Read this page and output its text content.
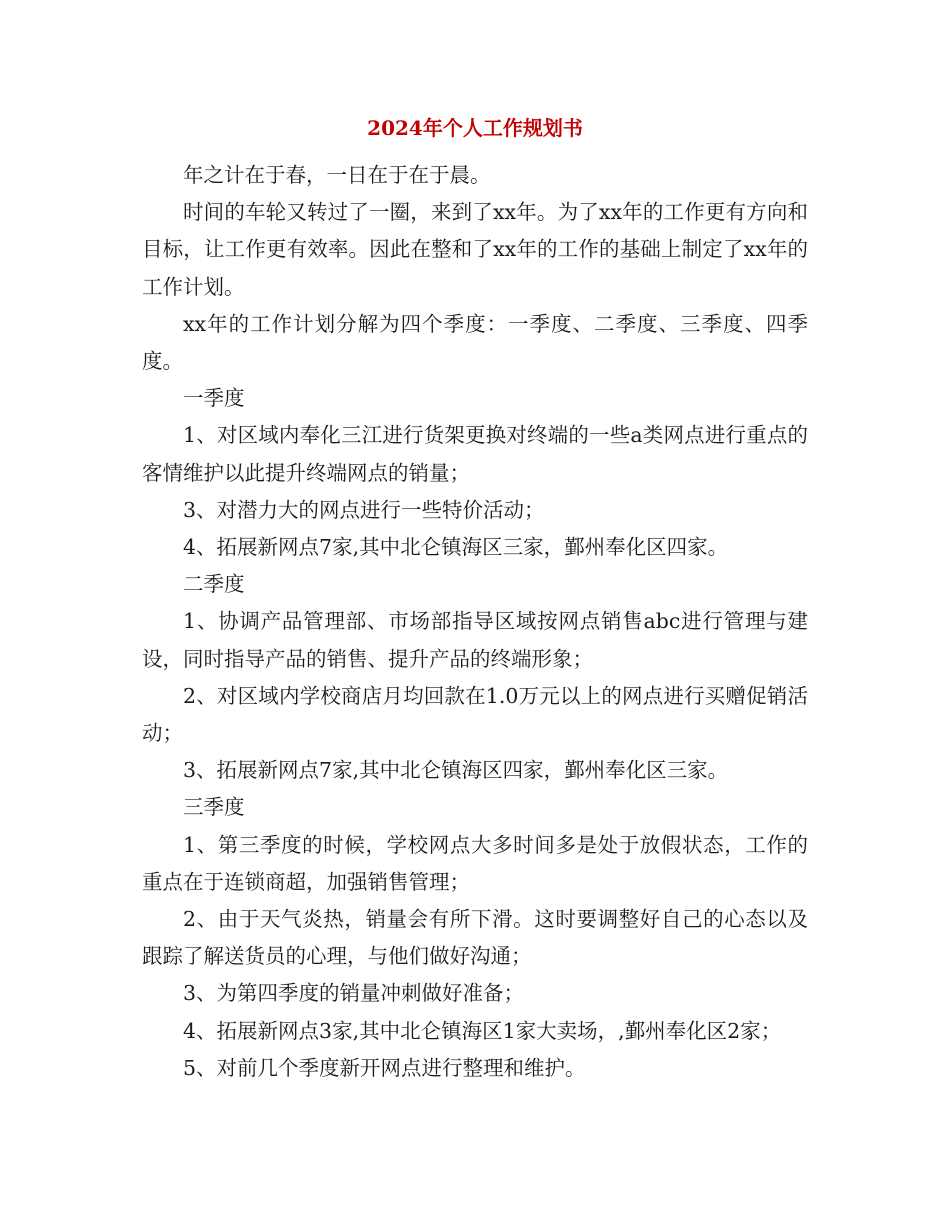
2024年个人工作规划书

年之计在于春，一日在于在于晨。

时间的车轮又转过了一圈，来到了xx年。为了xx年的工作更有方向和目标，让工作更有效率。因此在整和了xx年的工作的基础上制定了xx年的工作计划。

xx年的工作计划分解为四个季度：一季度、二季度、三季度、四季度。

一季度

1、对区域内奉化三江进行货架更换对终端的一些a类网点进行重点的客情维护以此提升终端网点的销量；

3、对潜力大的网点进行一些特价活动；

4、拓展新网点7家,其中北仑镇海区三家，鄞州奉化区四家。

二季度

1、协调产品管理部、市场部指导区域按网点销售abc进行管理与建设，同时指导产品的销售、提升产品的终端形象；

2、对区域内学校商店月均回款在1.0万元以上的网点进行买赠促销活动；

3、拓展新网点7家,其中北仑镇海区四家，鄞州奉化区三家。

三季度

1、第三季度的时候，学校网点大多时间多是处于放假状态，工作的重点在于连锁商超，加强销售管理；

2、由于天气炎热，销量会有所下滑。这时要调整好自己的心态以及跟踪了解送货员的心理，与他们做好沟通；

3、为第四季度的销量冲刺做好准备；

4、拓展新网点3家,其中北仑镇海区1家大卖场，,鄞州奉化区2家；

5、对前几个季度新开网点进行整理和维护。
